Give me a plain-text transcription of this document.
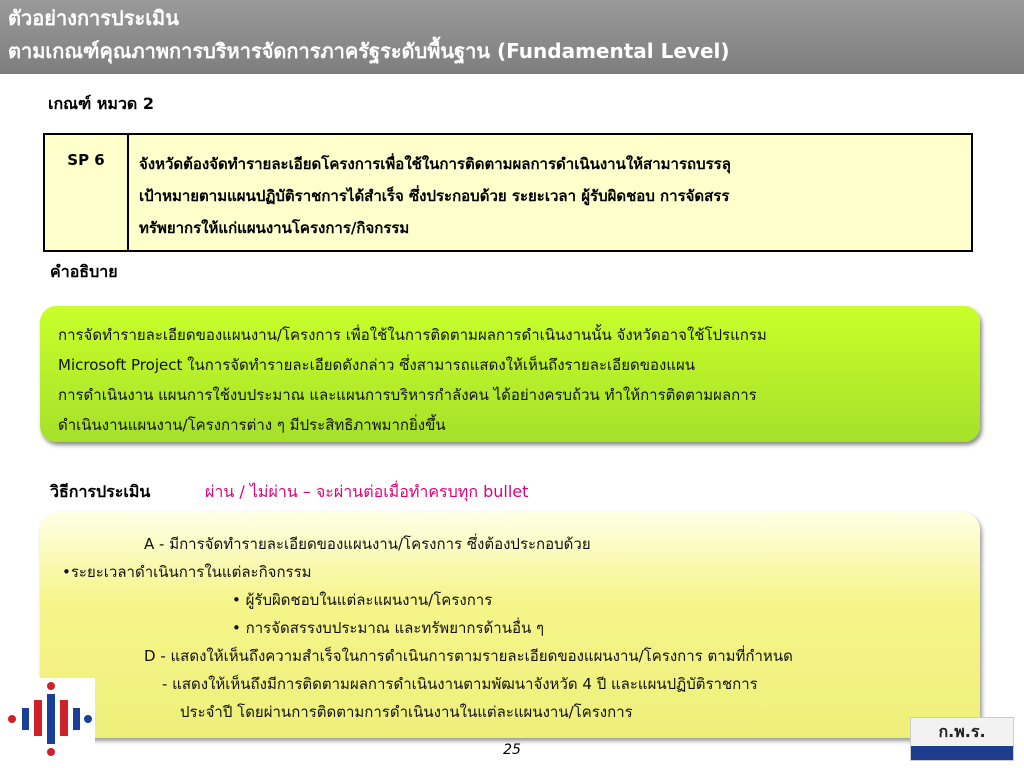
ตัวอย่างการประเมิน
ตามเกณฑ์คุณภาพการบริหารจัดการภาครัฐระดับพื้นฐาน (Fundamental Level)
เกณฑ์ หมวด 2
SP 6	จังหวัดต้องจัดทำรายละเอียดโครงการเพื่อใช้ในการติดตามผลการดำเนินงานให้สามารถบรรลุ
เป้าหมายตามแผนปฏิบัติราชการได้สำเร็จ ซึ่งประกอบด้วย ระยะเวลา ผู้รับผิดชอบ การจัดสรร
ทรัพยากรให้แก่แผนงานโครงการ/กิจกรรม
คำอธิบาย
การจัดทำรายละเอียดของแผนงาน/โครงการ เพื่อใช้ในการติดตามผลการดำเนินงานนั้น จังหวัดอาจใช้โปรแกรม
Microsoft Project ในการจัดทำรายละเอียดดังกล่าว ซึ่งสามารถแสดงให้เห็นถึงรายละเอียดของแผน
การดำเนินงาน แผนการใช้งบประมาณ และแผนการบริหารกำลังคน ได้อย่างครบถ้วน ทำให้การติดตามผลการ
ดำเนินงานแผนงาน/โครงการต่าง ๆ มีประสิทธิภาพมากยิ่งขึ้น
วิธีการประเมิน	ผ่าน / ไม่ผ่าน – จะผ่านต่อเมื่อทำครบทุก bullet
A - มีการจัดทำรายละเอียดของแผนงาน/โครงการ ซึ่งต้องประกอบด้วย
•ระยะเวลาดำเนินการในแต่ละกิจกรรม
• ผู้รับผิดชอบในแต่ละแผนงาน/โครงการ
• การจัดสรรงบประมาณ และทรัพยากรด้านอื่น ๆ
D - แสดงให้เห็นถึงความสำเร็จในการดำเนินการตามรายละเอียดของแผนงาน/โครงการ ตามที่กำหนด
- แสดงให้เห็นถึงมีการติดตามผลการดำเนินงานตามพัฒนาจังหวัด 4 ปี และแผนปฏิบัติราชการ
ประจำปี โดยผ่านการติดตามการดำเนินงานในแต่ละแผนงาน/โครงการ
ก.พ.ร.
25
